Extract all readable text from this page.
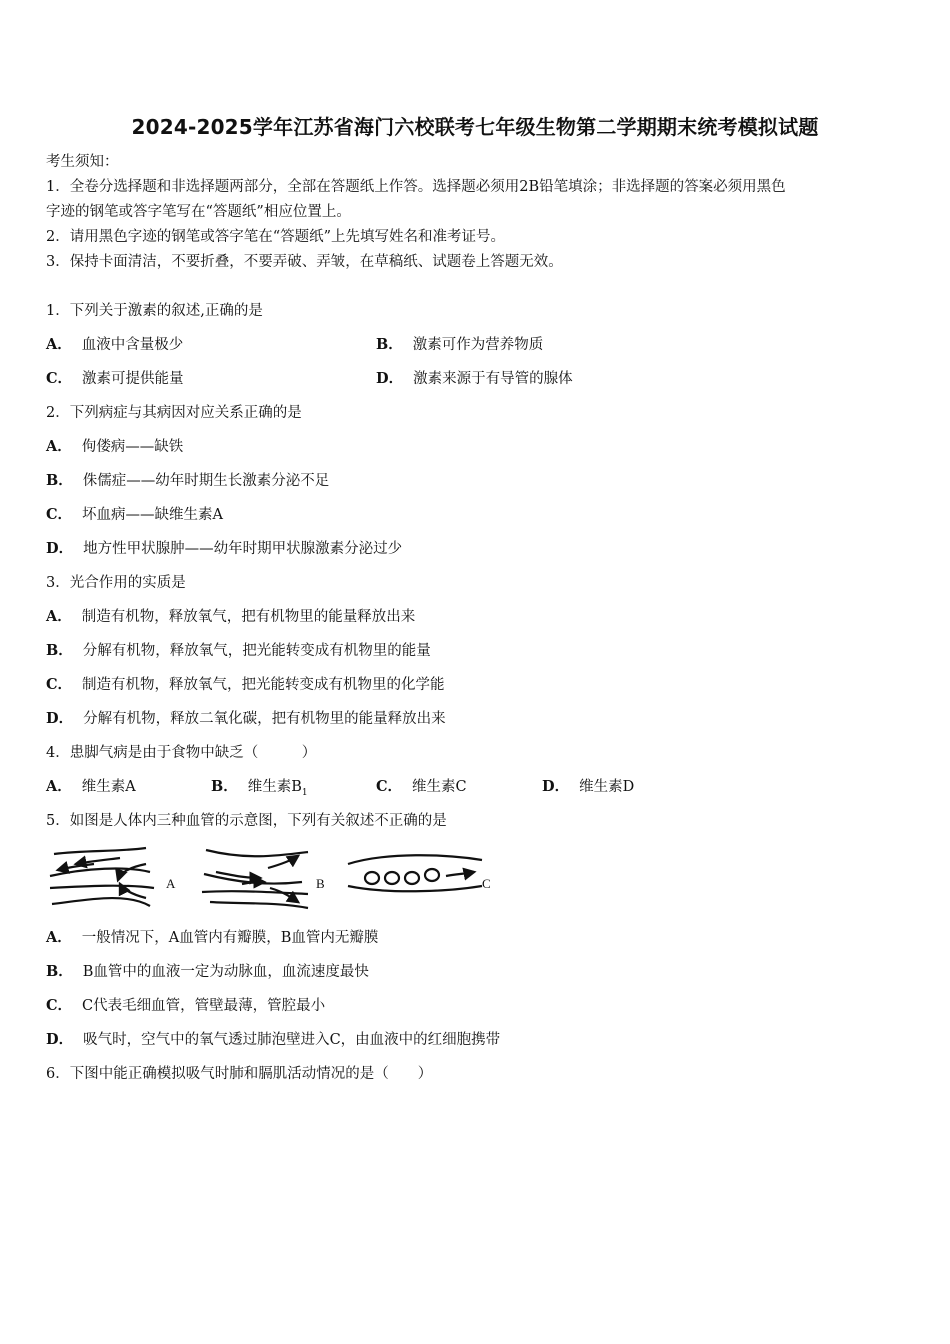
2024-2025学年江苏省海门六校联考七年级生物第二学期期末统考模拟试题
考生须知：
1．全卷分选择题和非选择题两部分，全部在答题纸上作答。选择题必须用2B铅笔填涂；非选择题的答案必须用黑色
字迹的钢笔或答字笔写在“答题纸”相应位置上。
2．请用黑色字迹的钢笔或答字笔在“答题纸”上先填写姓名和准考证号。
3．保持卡面清洁，不要折叠，不要弄破、弄皱，在草稿纸、试题卷上答题无效。
1．下列关于激素的叙述,正确的是
A． 血液中含量极少	B． 激素可作为营养物质
C． 激素可提供能量	D． 激素来源于有导管的腺体
2．下列病症与其病因对应关系正确的是
A． 佝偻病——缺铁
B． 侏儒症——幼年时期生长激素分泌不足
C． 坏血病——缺维生素A
D． 地方性甲状腺肿——幼年时期甲状腺激素分泌过少
3．光合作用的实质是
A． 制造有机物，释放氧气，把有机物里的能量释放出来
B． 分解有机物，释放氧气，把光能转变成有机物里的能量
C． 制造有机物，释放氧气，把光能转变成有机物里的化学能
D． 分解有机物，释放二氧化碳，把有机物里的能量释放出来
4．患脚气病是由于食物中缺乏（　　　）
A． 维生素A	B． 维生素$B_1$	C． 维生素C	D． 维生素D
5．如图是人体内三种血管的示意图，下列有关叙述不正确的是
A	B	C
A． 一般情况下，A血管内有瓣膜，B血管内无瓣膜
B． B血管中的血液一定为动脉血，血流速度最快
C． C代表毛细血管，管壁最薄，管腔最小
D． 吸气时，空气中的氧气透过肺泡壁进入C，由血液中的红细胞携带
6．下图中能正确模拟吸气时肺和膈肌活动情况的是（　　）
